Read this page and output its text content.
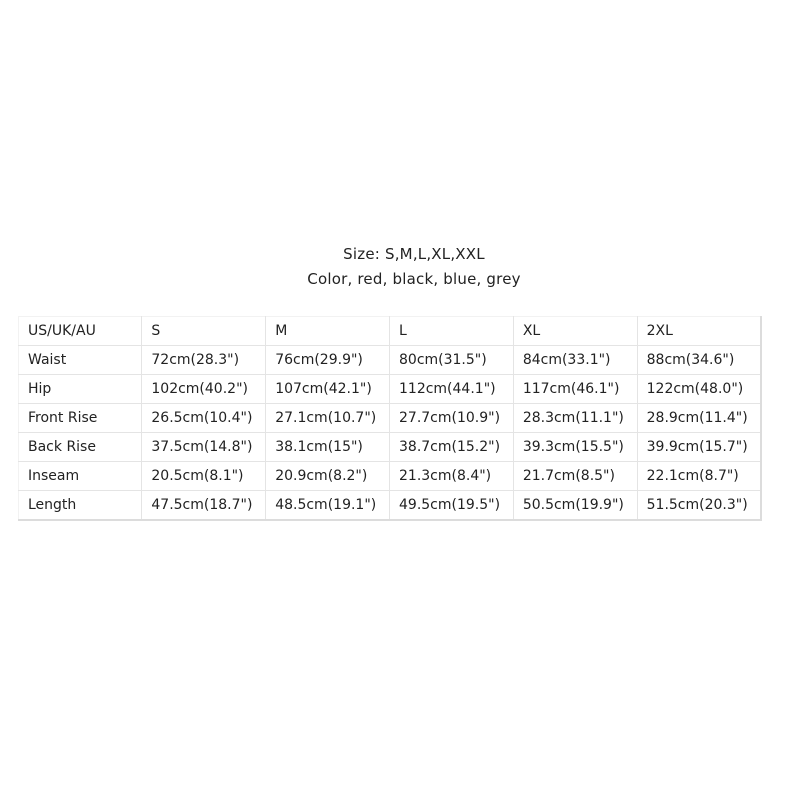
Size: S,M,L,XL,XXL
Color, red, black, blue, grey
US/UK/AU	S	M	L	XL	2XL
Waist	72cm(28.3")	76cm(29.9")	80cm(31.5")	84cm(33.1")	88cm(34.6")
Hip	102cm(40.2")	107cm(42.1")	112cm(44.1")	117cm(46.1")	122cm(48.0")
Front Rise	26.5cm(10.4")	27.1cm(10.7")	27.7cm(10.9")	28.3cm(11.1")	28.9cm(11.4")
Back Rise	37.5cm(14.8")	38.1cm(15")	38.7cm(15.2")	39.3cm(15.5")	39.9cm(15.7")
Inseam	20.5cm(8.1")	20.9cm(8.2")	21.3cm(8.4")	21.7cm(8.5")	22.1cm(8.7")
Length	47.5cm(18.7")	48.5cm(19.1")	49.5cm(19.5")	50.5cm(19.9")	51.5cm(20.3")
